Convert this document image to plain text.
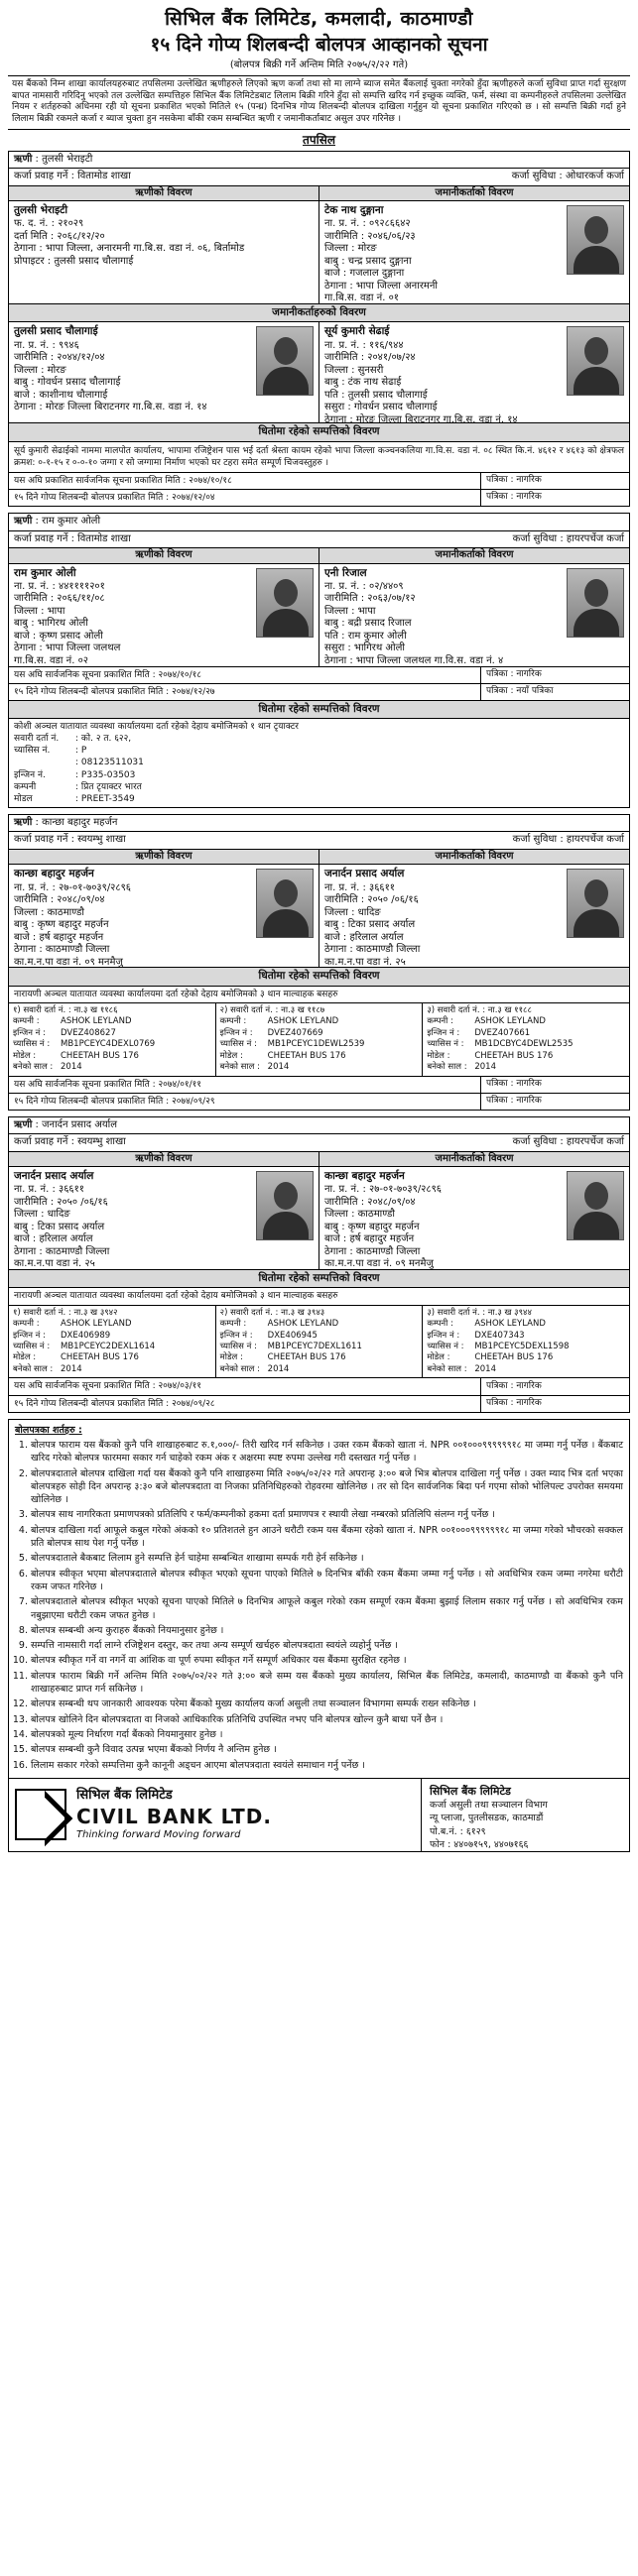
सिभिल बैंक लिमिटेड, कमलादी, काठमाण्डौ
१५ दिने गोप्य शिलबन्दी बोलपत्र आव्हानको सूचना
(बोलपत्र बिक्री गर्ने अन्तिम मिति २०७५/२/२२ गते)
यस बैंकको निम्न शाखा कार्यालयहरुबाट तपसिलमा उल्लेखित ऋणीहरुले लिएको ऋण कर्जा तथा सो मा लाग्ने ब्याज समेत बैंकलाई चुक्ता नगरेको हुँदा ऋणीहरुले कर्जा सुविधा प्राप्त गर्दा सुरक्षण बापत नामसारी गरिदिनु भएको तल उल्लेखित सम्पत्तिहरु सिभिल बैंक लिमिटेडबाट लिलाम बिक्री गरिने हुँदा सो सम्पत्ति खरिद गर्न इच्छुक व्यक्ति, फर्म, संस्था वा कम्पनीहरुले तपसिलमा उल्लेखित नियम र शर्तहरुको अधिनमा रही यो सूचना प्रकाशित भएको मितिले १५ (पन्ध्र) दिनभित्र गोप्य शिलबन्दी बोलपत्र दाखिला गर्नुहुन यो सूचना प्रकाशित गरिएको छ । सो सम्पत्ति बिक्री गर्दा हुने लिलाम बिक्री रकमले कर्जा र ब्याज चुक्ता हुन नसकेमा बाँकी रकम सम्बन्धित ऋणी र जमानीकर्ताबाट असुल उपर गरिनेछ ।
तपसिल
ऋणी : तुलसी भेराइटी
कर्जा प्रवाह गर्ने : वितामोड शाखा	कर्जा सुविधा : ओधारकर्ज कर्जा
ऋणीको विवरण	जमानीकर्ताको विवरण
तुलसी भेराइटी
फ. द. नं. : २१०२९
दर्ता मिति : २०६८/१२/२०
ठेगाना : भापा जिल्ला, अनारमनी गा.बि.स. वडा नं. ०६, बिर्तामोड
प्रोपाइटर : तुलसी प्रसाद चौलागाई
टेक नाथ दुङ्गाना
ना. प्र. नं. : ०९२८६६४२
जारीमिति : २०४६/०६/२३
जिल्ला : मोरङ
बाबु : चन्द्र प्रसाद दुङ्गाना
बाजे : गजलाल दुङ्गाना
ठेगाना : भापा जिल्ला अनारमनी
गा.बि.स. वडा नं. ०१
जमानीकर्ताहरुको विवरण
तुलसी प्रसाद चौलागाई
ना. प्र. नं. : ९९४६
जारीमिति : २०४४/१२/०४
जिल्ला : मोरङ
बाबु : गोवर्धन प्रसाद चौलागाई
बाजे : काशीनाथ चौलागाई
ठेगाना : मोरङ जिल्ला बिराटनगर गा.बि.स. वडा नं. १४
सूर्य कुमारी सेढाई
ना. प्र. नं. : ११६/९४४
जारीमिति : २०४१/०७/२४
जिल्ला : सुनसरी
बाबु : टंक नाथ सेढाई
पति : तुलसी प्रसाद चौलागाई
ससुरा : गोवर्धन प्रसाद चौलागाई
ठेगाना : मोरङ जिल्ला बिराटनगर गा.बि.स. वडा नं. १४
धितोमा रहेको सम्पत्तिको विवरण
सूर्य कुमारी सेढाईको नाममा मालपोत कार्यालय, भापामा रजिष्ट्रेशन पास भई दर्ता श्रेस्ता कायम रहेको भापा जिल्ला कञ्चनकलिया गा.वि.स. वडा नं. ०८ स्थित कि.नं. ४६१२ र ४६१३ को क्षेत्रफल क्रमश: ०-१-१५ र ०-०-१० जग्गा र सो जग्गामा निर्माण भएको घर टहरा समेत सम्पूर्ण चिजवस्तुहरु ।
यस अघि प्रकाशित सार्वजनिक सूचना प्रकाशित मिति : २०७४/१०/१८	पत्रिका : नागरिक
१५ दिने गोप्य शिलबन्दी बोलपत्र प्रकाशित मिति : २०७४/१२/०४	पत्रिका : नागरिक
ऋणी : राम कुमार ओली
कर्जा प्रवाह गर्ने : वितामोड शाखा	कर्जा सुविधा : हायरपर्चेज कर्जा
ऋणीको विवरण	जमानीकर्ताको विवरण
राम कुमार ओली
ना. प्र. नं. : ४४११११२०१
जारीमिति : २०६६/११/०८
जिल्ला : भापा
बाबु : भागिरथ ओली
बाजे : कृष्ण प्रसाद ओली
ठेगाना : भापा जिल्ला जलथल
गा.बि.स. वडा नं. ०२
एनी रिजाल
ना. प्र. नं. : ०२/४४०९
जारीमिति : २०६३/०७/१२
जिल्ला : भापा
बाबु : बद्री प्रसाद रिजाल
पति : राम कुमार ओली
ससुरा : भागिरथ ओली
ठेगाना : भापा जिल्ला जलथल गा.वि.स. वडा नं. ४
यस अघि सार्वजनिक सूचना प्रकाशित मिति : २०७४/१०/१८	पत्रिका : नागरिक
१५ दिने गोप्य शिलबन्दी बोलपत्र प्रकाशित मिति : २०७४/१२/२७	पत्रिका : नयाँ पत्रिका
धितोमा रहेको सम्पत्तिको विवरण
कोशी अञ्चल यातायात व्यवस्था कार्यालयमा दर्ता रहेको देहाय बमोजिमको १ थान टृयाक्टर
सवारी दर्ता नं.	: को. २ त. ६२२,
च्यासिस नं.	: P
: 08123511031
इन्जिन नं.	: P335-03503
कम्पनी	: प्रित टृयाक्टर भारत
मोडल	: PREET-3549
ऋणी : कान्छा बहादुर महर्जन
कर्जा प्रवाह गर्ने : स्वयम्भु शाखा	कर्जा सुविधा : हायरपर्चेज कर्जा
ऋणीको विवरण	जमानीकर्ताको विवरण
कान्छा बहादुर महर्जन
ना. प्र. नं. : २७-०१-७०३९/२८९६
जारीमिति : २०४८/०९/०४
जिल्ला : काठमाण्डौ
बाबु : कृष्ण बहादुर महर्जन
बाजे : हर्ष बहादुर महर्जन
ठेगाना : काठमाण्डौ जिल्ला
का.म.न.पा वडा नं. ०९ मनमैजु
जनार्दन प्रसाद अर्याल
ना. प्र. नं. : ३६६११
जारीमिति : २०५० /०६/१६
जिल्ला : धादिङ
बाबु : टिका प्रसाद अर्याल
बाजे : हरिलाल अर्याल
ठेगाना : काठमाण्डौ जिल्ला
का.म.न.पा वडा नं. २५
धितोमा रहेको सम्पत्तिको विवरण
नारायणी अञ्चल यातायात व्यवस्था कार्यालयमा दर्ता रहेको देहाय बमोजिमको ३ थान माल्वाहक बसहरु
१) सवारी दर्ता नं. : ना.३ ख ११८६
कम्पनी :	ASHOK LEYLAND
इन्जिन नं :	DVEZ408627
च्यासिस नं :	MB1PCEYC4DEXL0769
मोडेल :	CHEETAH BUS 176
बनेको साल : 2014
२) सवारी दर्ता नं. : ना.३ ख ११८७
कम्पनी :	ASHOK LEYLAND
इन्जिन नं :	DVEZ407669
च्यासिस नं :	MB1PCEYC1DEWL2539
मोडेल :	CHEETAH BUS 176
बनेको साल : 2014
३) सवारी दर्ता नं. : ना.३ ख ११८८
कम्पनी :	ASHOK LEYLAND
इन्जिन नं :	DVEZ407661
च्यासिस नं :	MB1DCBYC4DEWL2535
मोडेल :	CHEETAH BUS 176
बनेको साल : 2014
यस अघि सार्वजनिक सूचना प्रकाशित मिति : २०७४/०१/११	पत्रिका : नागरिक
१५ दिने गोप्य शिलबन्दी बोलपत्र प्रकाशित मिति : २०७४/०९/२९	पत्रिका : नागरिक
ऋणी : जनार्दन प्रसाद अर्याल
कर्जा प्रवाह गर्ने : स्वयम्भु शाखा	कर्जा सुविधा : हायरपर्चेज कर्जा
ऋणीको विवरण	जमानीकर्ताको विवरण
जनार्दन प्रसाद अर्याल
ना. प्र. नं. : ३६६११
जारीमिति : २०५० /०६/१६
जिल्ला : धादिङ
बाबु : टिका प्रसाद अर्याल
बाजे : हरिलाल अर्याल
ठेगाना : काठमाण्डौ जिल्ला
का.म.न.पा वडा नं. २५
कान्छा बहादुर महर्जन
ना. प्र. नं. : २७-०१-७०३९/२८९६
जारीमिति : २०४८/०९/०४
जिल्ला : काठमाण्डौ
बाबु : कृष्ण बहादुर महर्जन
बाजे : हर्ष बहादुर महर्जन
ठेगाना : काठमाण्डौ जिल्ला
का.म.न.पा वडा नं. ०९ मनमैजु
धितोमा रहेको सम्पत्तिको विवरण
नारायणी अञ्चल यातायात व्यवस्था कार्यालयमा दर्ता रहेको देहाय बमोजिमको ३ थान माल्वाहक बसहरु
१) सवारी दर्ता नं. : ना.३ ख ३९४२
कम्पनी :	ASHOK LEYLAND
इन्जिन नं :	DXE406989
च्यासिस नं :	MB1PCEYC2DEXL1614
मोडेल :	CHEETAH BUS 176
बनेको साल : 2014
२) सवारी दर्ता नं. : ना.३ ख ३९४३
कम्पनी :	ASHOK LEYLAND
इन्जिन नं :	DXE406945
च्यासिस नं :	MB1PCEYC7DEXL1611
मोडेल :	CHEETAH BUS 176
बनेको साल : 2014
३) सवारी दर्ता नं. : ना.३ ख ३९४४
कम्पनी :	ASHOK LEYLAND
इन्जिन नं :	DXE407343
च्यासिस नं :	MB1PCEYC5DEXL1598
मोडेल :	CHEETAH BUS 176
बनेको साल : 2014
यस अघि सार्वजनिक सूचना प्रकाशित मिति : २०७४/०३/११	पत्रिका : नागरिक
१५ दिने गोप्य शिलबन्दी बोलपत्र प्रकाशित मिति : २०७४/०९/२८	पत्रिका : नागरिक
बोलपत्रका शर्तहरु :
1. बोलपत्र फाराम यस बैंकको कुनै पनि शाखाहरुबाट रु.१,०००/- तिरी खरिद गर्न सकिनेछ । उक्त रकम बैंकको खाता नं. NPR ००१०००९९९९९९१८ मा जम्मा गर्नु पर्नेछ । बैंकबाट खरिद गरेको बोलपत्र फारममा सकार गर्न चाहेको रकम अंक र अक्षरमा स्पष्ट रुपमा उल्लेख गरी दस्तखत गर्नु पर्नेछ ।
2. बोलपत्रदाताले बोलपत्र दाखिला गर्दा यस बैंकको कुनै पनि शाखाहरुमा मिति २०७५/०२/२२ गते अपरान्ह ३:०० बजे भित्र बोलपत्र दाखिला गर्नु पर्नेछ । उक्त म्याद भित्र दर्ता भएका बोलपत्रहरु सोही दिन अपरान्ह ३:३० बजे बोलपत्रदाता वा निजका प्रतिनिधिहरुको रोहवरमा खोलिनेछ । तर सो दिन सार्वजनिक बिदा पर्न गएमा सोको भोलिपल्ट उपरोक्त समयमा खोलिनेछ ।
3. बोलपत्र साथ नागरिकता प्रमाणपत्रको प्रतिलिपि र फर्म/कम्पनीको हकमा दर्ता प्रमाणपत्र र स्थायी लेखा नम्बरको प्रतिलिपि संलग्न गर्नु पर्नेछ ।
4. बोलपत्र दाखिला गर्दा आफूले कबुल गरेको अंकको १० प्रतिशतले हुन आउने धरौटी रकम यस बैंकमा रहेको खाता नं. NPR ००१०००९९९९९९१८ मा जम्मा गरेको भौचरको सक्कल प्रति बोलपत्र साथ पेश गर्नु पर्नेछ ।
5. बोलपत्रदाताले बैकबाट लिलाम हुने सम्पत्ति हेर्न चाहेमा सम्बन्धित शाखामा सम्पर्क गरी हेर्न सकिनेछ ।
6. बोलपत्र स्वीकृत भएमा बोलपत्रदाताले बोलपत्र स्वीकृत भएको सूचना पाएको मितिले ७ दिनभित्र बाँकी रकम बैंकमा जम्मा गर्नु पर्नेछ । सो अवधिभित्र रकम जम्मा नगरेमा धरौटी रकम जफत गरिनेछ ।
7. बोलपत्रदाताले बोलपत्र स्वीकृत भएको सूचना पाएको मितिले ७ दिनभित्र आफूले कबुल गरेको रकम सम्पूर्ण रकम बैंकमा बुझाई लिलाम सकार गर्नु पर्नेछ । सो अवधिभित्र रकम नबुझाएमा धरौटी रकम जफत हुनेछ ।
8. बोलपत्र सम्बन्धी अन्य कुराहरु बैंकको नियमानुसार हुनेछ ।
9. सम्पत्ति नामसारी गर्दा लाग्ने रजिष्ट्रेशन दस्तुर, कर तथा अन्य सम्पूर्ण खर्चहरु बोलपत्रदाता स्वयंले व्यहोर्नु पर्नेछ ।
10. बोलपत्र स्वीकृत गर्ने वा नगर्ने वा आंशिक वा पूर्ण रुपमा स्वीकृत गर्ने सम्पूर्ण अधिकार यस बैंकमा सुरक्षित रहनेछ ।
11. बोलपत्र फाराम बिक्री गर्ने अन्तिम मिति २०७५/०२/२२ गते ३:०० बजे सम्म यस बैंकको मुख्य कार्यालय, सिभिल बैंक लिमिटेड, कमलादी, काठमाण्डौ वा बैंकको कुनै पनि शाखाहरुबाट प्राप्त गर्न सकिनेछ ।
12. बोलपत्र सम्बन्धी थप जानकारी आवश्यक परेमा बैंकको मुख्य कार्यालय कर्जा असुली तथा सञ्चालन विभागमा सम्पर्क राख्न सकिनेछ ।
13. बोलपत्र खोलिने दिन बोलपत्रदाता वा निजको आधिकारिक प्रतिनिधि उपस्थित नभए पनि बोलपत्र खोल्न कुनै बाधा पर्ने छैन ।
14. बोलपत्रको मूल्य निर्धारण गर्दा बैंकको नियमानुसार हुनेछ ।
15. बोलपत्र सम्बन्धी कुनै विवाद उत्पन्न भएमा बैंकको निर्णय नै अन्तिम हुनेछ ।
16. लिलाम सकार गरेको सम्पत्तिमा कुनै कानूनी अड्चन आएमा बोलपत्रदाता स्वयंले समाधान गर्नु पर्नेछ ।
सिभिल बैंक लिमिटेड
CIVIL BANK LTD.
Thinking forward Moving forward
सिभिल बैंक लिमिटेड
कर्जा असुली तथा सञ्चालन विभाग
न्यू प्लाजा, पुतलीसडक, काठमाडौं
पो.ब.नं. : ६१२९
फोन : ४४०७१५९, ४४०७१६६
